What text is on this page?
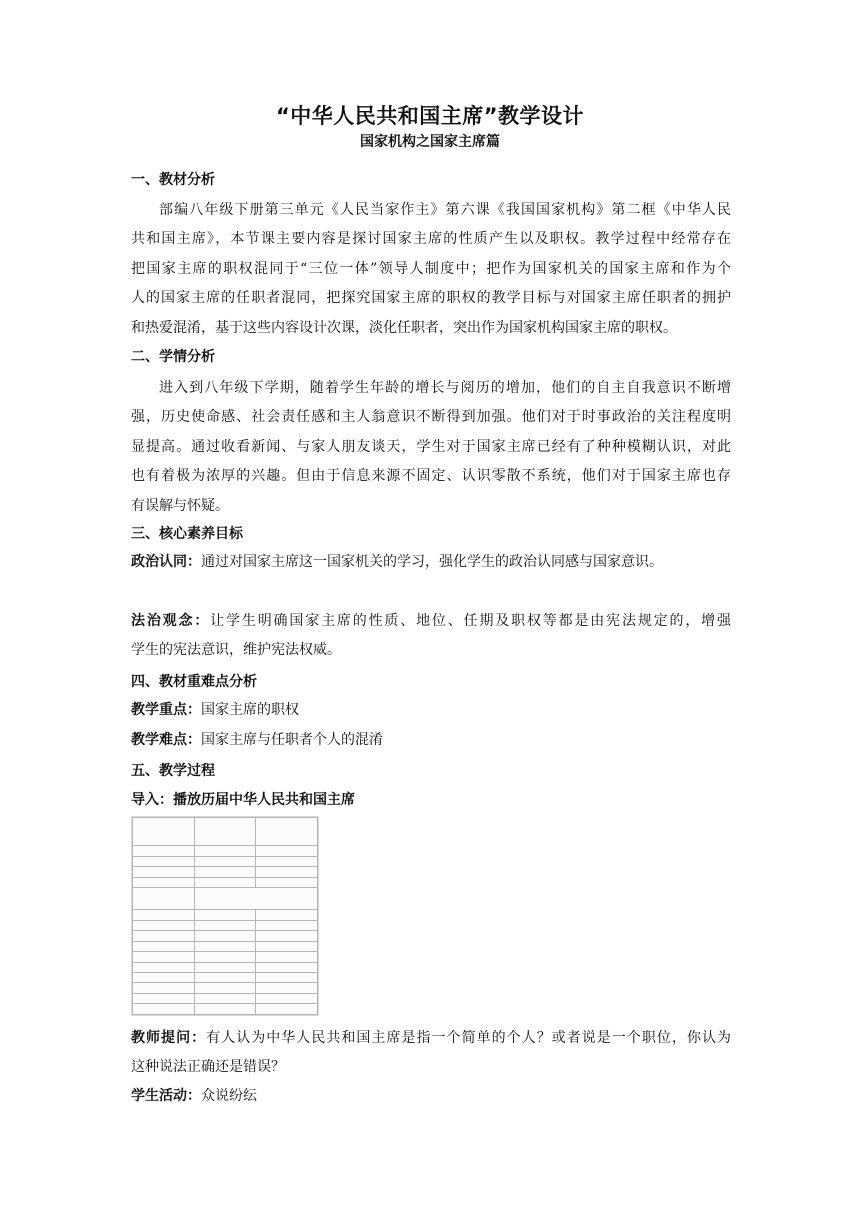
“中华人民共和国主席”教学设计
国家机构之国家主席篇
一、教材分析
部编八年级下册第三单元《人民当家作主》第六课《我国国家机构》第二框《中华人民
共和国主席》，本节课主要内容是探讨国家主席的性质产生以及职权。教学过程中经常存在
把国家主席的职权混同于“三位一体”领导人制度中；把作为国家机关的国家主席和作为个
人的国家主席的任职者混同，把探究国家主席的职权的教学目标与对国家主席任职者的拥护
和热爱混淆，基于这些内容设计次课，淡化任职者，突出作为国家机构国家主席的职权。
二、学情分析
进入到八年级下学期，随着学生年龄的增长与阅历的增加，他们的自主自我意识不断增
强，历史使命感、社会责任感和主人翁意识不断得到加强。他们对于时事政治的关注程度明
显提高。通过收看新闻、与家人朋友谈天，学生对于国家主席已经有了种种模糊认识，对此
也有着极为浓厚的兴趣。但由于信息来源不固定、认识零散不系统，他们对于国家主席也存
有误解与怀疑。
三、核心素养目标
政治认同：通过对国家主席这一国家机关的学习，强化学生的政治认同感与国家意识。
法治观念：让学生明确国家主席的性质、地位、任期及职权等都是由宪法规定的，增强
学生的宪法意识，维护宪法权威。
四、教材重难点分析
教学重点：国家主席的职权
教学难点：国家主席与任职者个人的混淆
五、教学过程
导入：播放历届中华人民共和国主席

教师提问：有人认为中华人民共和国主席是指一个简单的个人？或者说是一个职位，你认为
这种说法正确还是错误？
学生活动：众说纷纭
